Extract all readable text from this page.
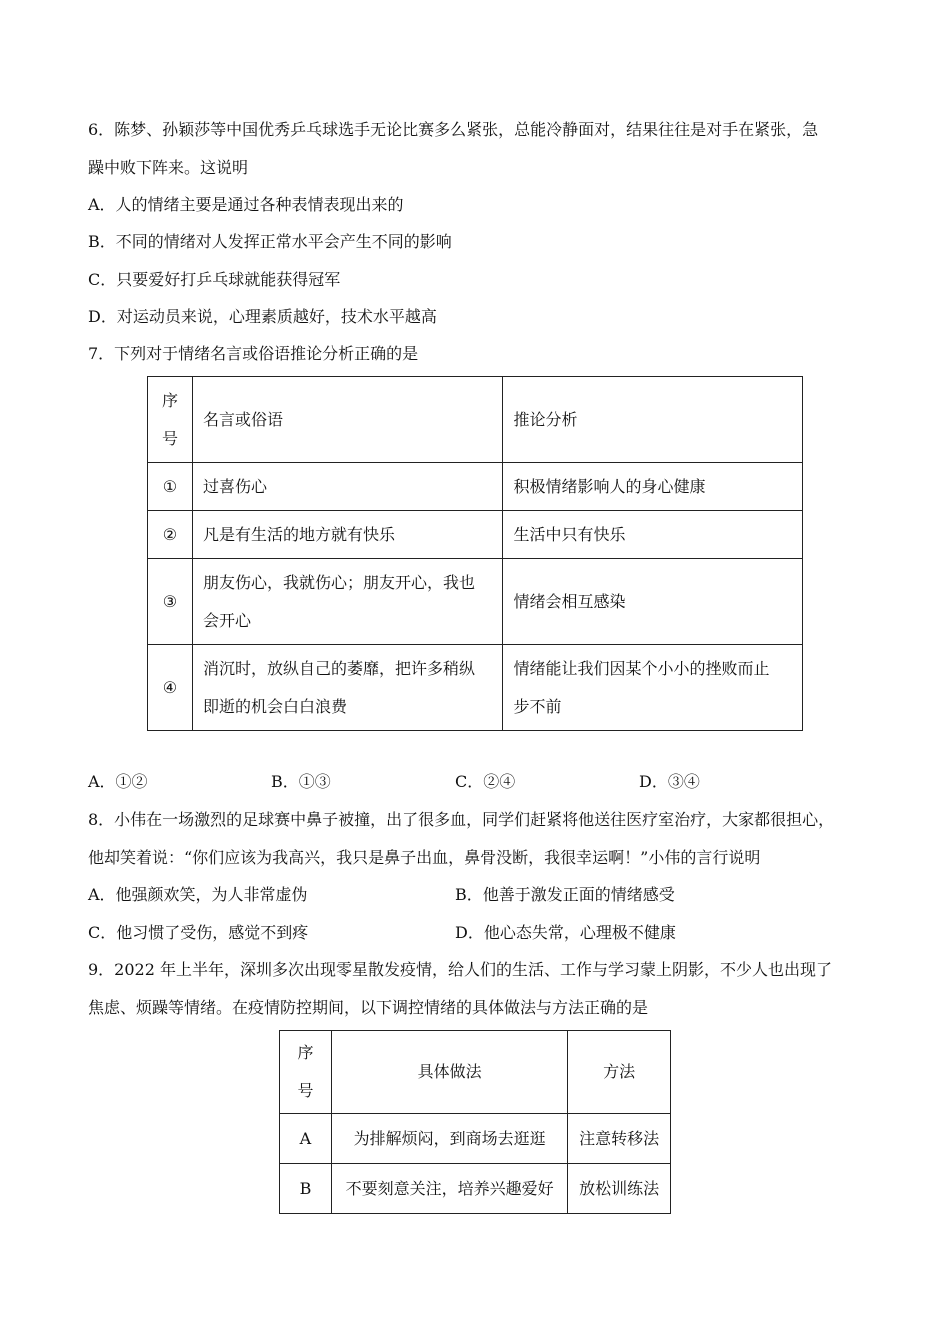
6．陈梦、孙颖莎等中国优秀乒乓球选手无论比赛多么紧张，总能冷静面对，结果往往是对手在紧张，急
躁中败下阵来。这说明
A．人的情绪主要是通过各种表情表现出来的
B．不同的情绪对人发挥正常水平会产生不同的影响
C．只要爱好打乒乓球就能获得冠军
D．对运动员来说，心理素质越好，技术水平越高
7．下列对于情绪名言或俗语推论分析正确的是
序
号	名言或俗语	推论分析
①	过喜伤心	积极情绪影响人的身心健康
②	凡是有生活的地方就有快乐	生活中只有快乐
③	朋友伤心，我就伤心；朋友开心，我也
会开心	情绪会相互感染
④	消沉时，放纵自己的萎靡，把许多稍纵
即逝的机会白白浪费	情绪能让我们因某个小小的挫败而止
步不前
A．①②	B．①③	C．②④	D．③④
8．小伟在一场激烈的足球赛中鼻子被撞，出了很多血，同学们赶紧将他送往医疗室治疗，大家都很担心，
他却笑着说：“你们应该为我高兴，我只是鼻子出血，鼻骨没断，我很幸运啊！”小伟的言行说明
A．他强颜欢笑，为人非常虚伪	B．他善于激发正面的情绪感受
C．他习惯了受伤，感觉不到疼	D．他心态失常，心理极不健康
9．2022 年上半年，深圳多次出现零星散发疫情，给人们的生活、工作与学习蒙上阴影，不少人也出现了
焦虑、烦躁等情绪。在疫情防控期间，以下调控情绪的具体做法与方法正确的是
序
号	具体做法	方法
A	为排解烦闷，到商场去逛逛	注意转移法
B	不要刻意关注，培养兴趣爱好	放松训练法
